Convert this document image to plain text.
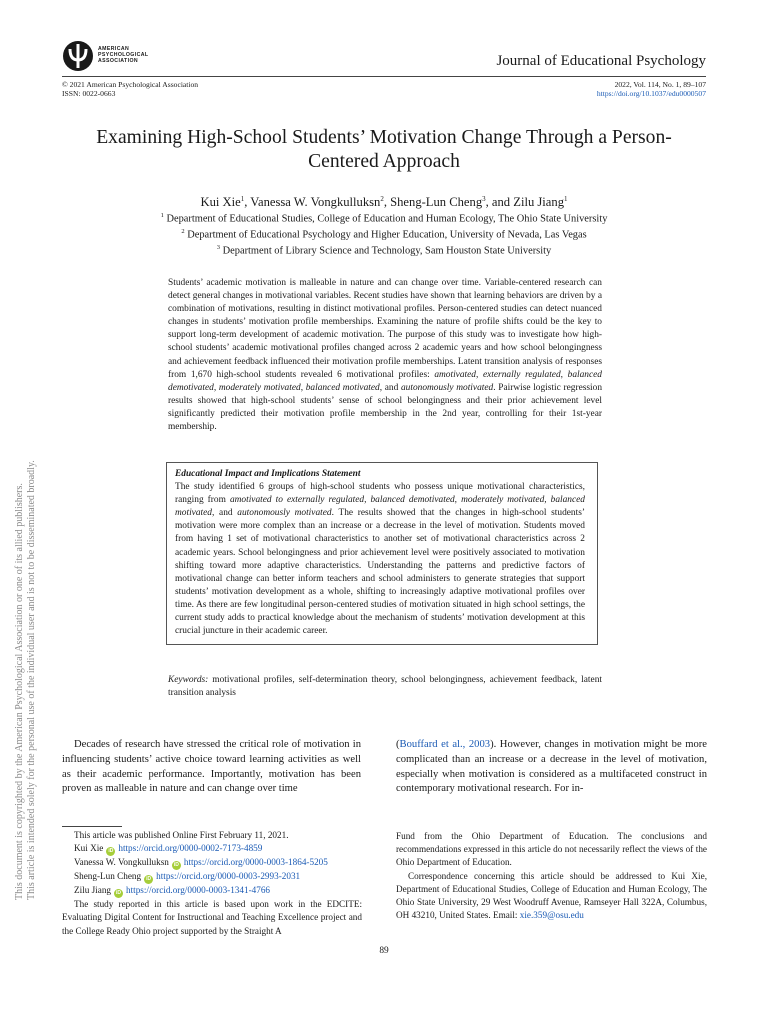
AMERICAN
PSYCHOLOGICAL
ASSOCIATION	Journal of Educational Psychology
© 2021 American Psychological Association
ISSN: 0022-0663
2022, Vol. 114, No. 1, 89–107
https://doi.org/10.1037/edu0000507
This document is copyrighted by the American Psychological Association or one of its allied publishers. This article is intended solely for the personal use of the individual user and is not to be disseminated broadly.
Examining High-School Students’ Motivation Change Through a Person-Centered Approach
Kui Xie$^1$, Vanessa W. Vongkulluksn$^2$, Sheng-Lun Cheng$^3$, and Zilu Jiang$^1$
$^1$ Department of Educational Studies, College of Education and Human Ecology, The Ohio State University
$^2$ Department of Educational Psychology and Higher Education, University of Nevada, Las Vegas
$^3$ Department of Library Science and Technology, Sam Houston State University
Students’ academic motivation is malleable in nature and can change over time. Variable-centered research can detect general changes in motivational variables. Recent studies have shown that learning behaviors are driven by a combination of motivations, resulting in distinct motivational profiles. Person-centered studies can detect nuanced changes in students’ motivation profile memberships. Examining the nature of profile shifts could be the key to support long-term development of academic motivation. The purpose of this study was to investigate how high-school students’ academic motivational profiles changed across 2 academic years and how school belongingness and achievement feedback influenced their motivation profile memberships. Latent transition analysis of responses from 1,670 high-school students revealed 6 motivational profiles: amotivated, externally regulated, balanced demotivated, moderately motivated, balanced motivated, and autonomously motivated. Pairwise logistic regression results showed that high-school students’ sense of school belongingness and their prior achievement level significantly predicted their motivation profile membership in the 2nd year, controlling for their 1st-year membership.
Educational Impact and Implications Statement
The study identified 6 groups of high-school students who possess unique motivational characteristics, ranging from amotivated to externally regulated, balanced demotivated, moderately motivated, balanced motivated, and autonomously motivated. The results showed that the changes in high-school students’ motivation were more complex than an increase or a decrease in the level of motivation. Students moved from having 1 set of motivational characteristics to another set of motivational characteristics across 2 academic years. School belongingness and prior achievement level were positively associated to motivation shifting toward more adaptive characteristics. Understanding the patterns and predictive factors of motivational change can better inform teachers and school administers to generate strategies that support students’ motivation development as a whole, shifting to increasingly adaptive motivational profiles over time. As there are few longitudinal person-centered studies of motivation situated in high school settings, the current study adds to practical knowledge about the mechanism of students’ motivation development at this crucial juncture in their academic career.
Keywords: motivational profiles, self-determination theory, school belongingness, achievement feedback, latent transition analysis
Decades of research have stressed the critical role of motivation in influencing students’ active choice toward learning activities as well as their academic performance. Importantly, motivation has been proven as malleable in nature and can change over time
(Bouffard et al., 2003). However, changes in motivation might be more complicated than an increase or a decrease in the level of motivation, especially when motivation is considered as a multifaceted construct in contemporary motivational research. For in-
This article was published Online First February 11, 2021.
Kui Xie iD https://orcid.org/0000-0002-7173-4859
Vanessa W. Vongkulluksn iD https://orcid.org/0000-0003-1864-5205
Sheng-Lun Cheng iD https://orcid.org/0000-0003-2993-2031
Zilu Jiang iD https://orcid.org/0000-0003-1341-4766
The study reported in this article is based upon work in the EDCITE: Evaluating Digital Content for Instructional and Teaching Excellence project and the College Ready Ohio project supported by the Straight A
Fund from the Ohio Department of Education. The conclusions and recommendations expressed in this article do not necessarily reflect the views of the Ohio Department of Education.
Correspondence concerning this article should be addressed to Kui Xie, Department of Educational Studies, College of Education and Human Ecology, The Ohio State University, 29 West Woodruff Avenue, Ramseyer Hall 322A, Columbus, OH 43210, United States. Email: xie.359@osu.edu
89
